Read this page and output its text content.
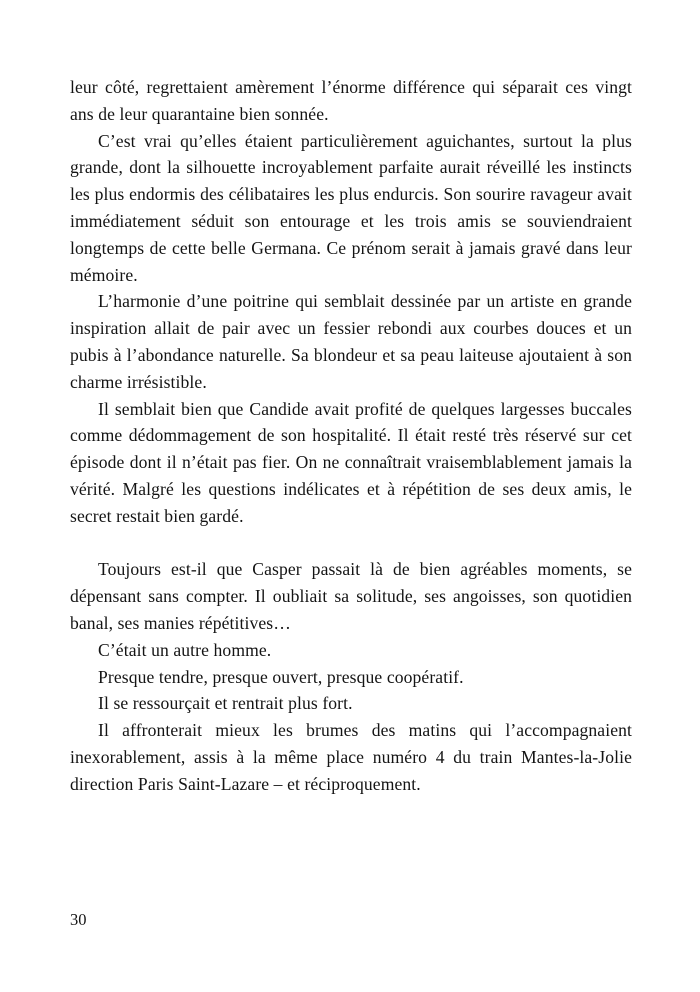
leur côté, regrettaient amèrement l’énorme différence qui séparait ces vingt ans de leur quarantaine bien sonnée.

C’est vrai qu’elles étaient particulièrement aguichantes, surtout la plus grande, dont la silhouette incroyablement parfaite aurait réveillé les instincts les plus endormis des célibataires les plus endurcis. Son sourire ravageur avait immédiatement séduit son entourage et les trois amis se souviendraient longtemps de cette belle Germana. Ce prénom serait à jamais gravé dans leur mémoire.

L’harmonie d’une poitrine qui semblait dessinée par un artiste en grande inspiration allait de pair avec un fessier rebondi aux courbes douces et un pubis à l’abondance naturelle. Sa blondeur et sa peau laiteuse ajoutaient à son charme irrésistible.

Il semblait bien que Candide avait profité de quelques largesses buccales comme dédommagement de son hospitalité. Il était resté très réservé sur cet épisode dont il n’était pas fier. On ne connaîtrait vraisemblablement jamais la vérité. Malgré les questions indélicates et à répétition de ses deux amis, le secret restait bien gardé.

Toujours est-il que Casper passait là de bien agréables moments, se dépensant sans compter. Il oubliait sa solitude, ses angoisses, son quotidien banal, ses manies répétitives…

C’était un autre homme.

Presque tendre, presque ouvert, presque coopératif.

Il se ressourçait et rentrait plus fort.

Il affronterait mieux les brumes des matins qui l’accompagnaient inexorablement, assis à la même place numéro 4 du train Mantes-la-Jolie direction Paris Saint-Lazare – et réciproquement.

30
